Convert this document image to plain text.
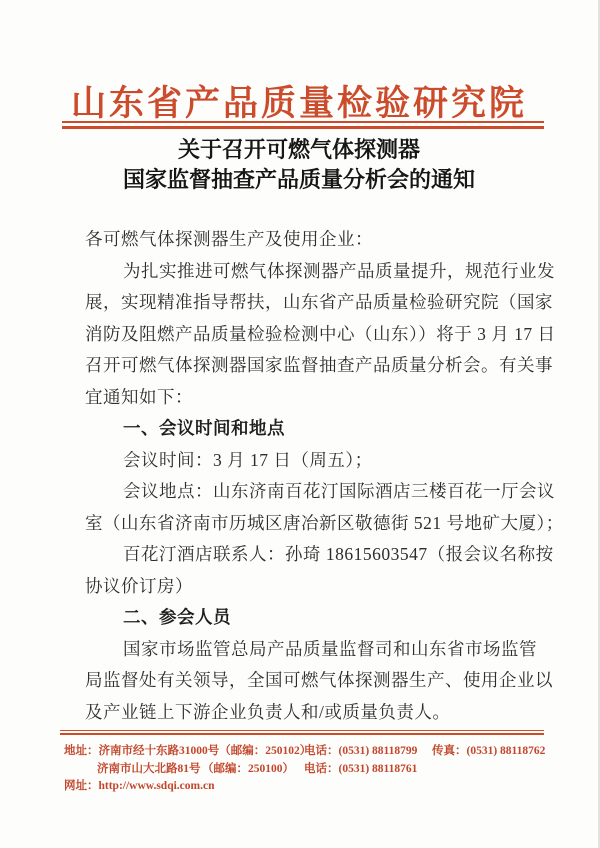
山东省产品质量检验研究院
关于召开可燃气体探测器
国家监督抽查产品质量分析会的通知
各可燃气体探测器生产及使用企业：
为扎实推进可燃气体探测器产品质量提升，规范行业发
展，实现精准指导帮扶，山东省产品质量检验研究院（国家
消防及阻燃产品质量检验检测中心（山东））将于 3 月 17 日
召开可燃气体探测器国家监督抽查产品质量分析会。有关事
宜通知如下：
一、会议时间和地点
会议时间：3 月 17 日（周五）；
会议地点：山东济南百花汀国际酒店三楼百花一厅会议
室（山东省济南市历城区唐冶新区敬德街 521 号地矿大厦）；
百花汀酒店联系人：孙琦 18615603547（报会议名称按
协议价订房）
二、参会人员
国家市场监管总局产品质量监督司和山东省市场监管
局监督处有关领导，全国可燃气体探测器生产、使用企业以
及产业链上下游企业负责人和/或质量负责人。
地址：济南市经十东路31000号（邮编：250102）
电话：(0531) 88118799	传真：(0531) 88118762
济南市山大北路81号 （邮编：250100） 电话：(0531) 88118761
网址： http://www.sdqi.com.cn
